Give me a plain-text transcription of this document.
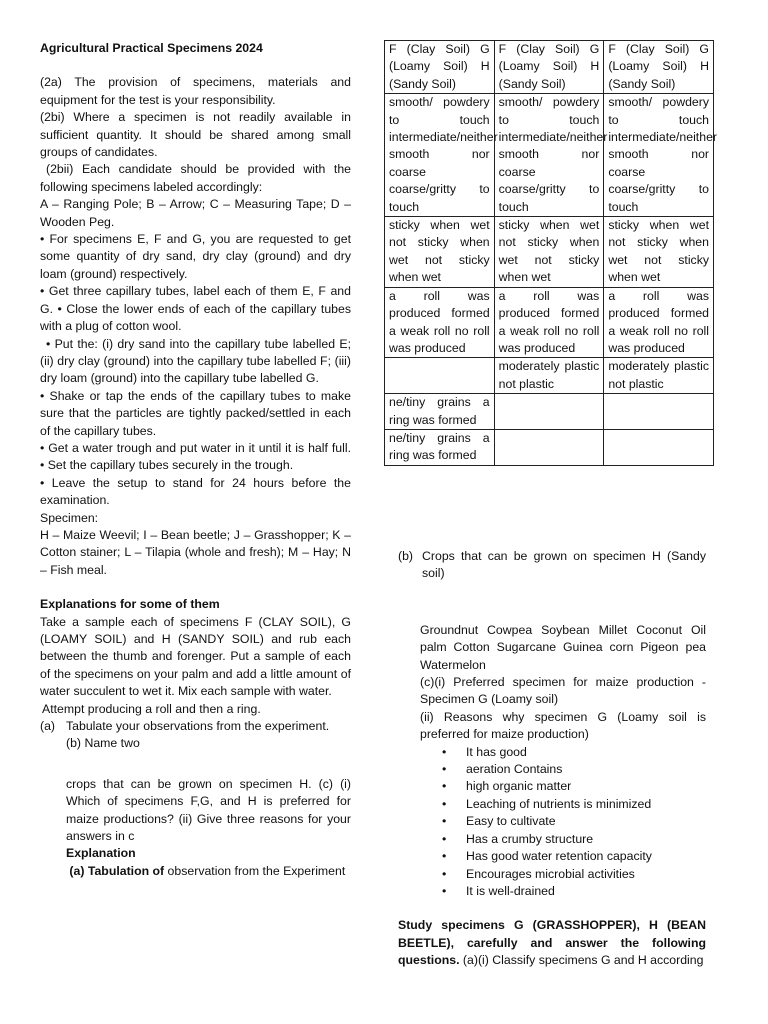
Agricultural Practical Specimens 2024

(2a) The provision of specimens, materials and equipment for the test is your responsibility.

(2bi) Where a specimen is not readily available in sufficient quantity. It should be shared among small groups of candidates.

(2bii) Each candidate should be provided with the following specimens labeled accordingly:

A – Ranging Pole; B – Arrow; C – Measuring Tape; D – Wooden Peg.

• For specimens E, F and G, you are requested to get some quantity of dry sand, dry clay (ground) and dry loam (ground) respectively.

• Get three capillary tubes, label each of them E, F and G. • Close the lower ends of each of the capillary tubes with a plug of cotton wool.

• Put the: (i) dry sand into the capillary tube labelled E; (ii) dry clay (ground) into the capillary tube labelled F; (iii) dry loam (ground) into the capillary tube labelled G.

• Shake or tap the ends of the capillary tubes to make sure that the particles are tightly packed/settled in each of the capillary tubes.

• Get a water trough and put water in it until it is half full. • Set the capillary tubes securely in the trough.

• Leave the setup to stand for 24 hours before the examination.

Specimen:

H – Maize Weevil; I – Bean beetle; J – Grasshopper; K – Cotton stainer; L – Tilapia (whole and fresh); M – Hay; N – Fish meal.

Explanations for some of them

Take a sample each of specimens F (CLAY SOIL), G (LOAMY SOIL) and H (SANDY SOIL) and rub each between the thumb and forenger. Put a sample of each of the specimens on your palm and add a little amount of water succulent to wet it. Mix each sample with water.

Attempt producing a roll and then a ring.

(a) Tabulate your observations from the experiment.

(b) Name two

crops that can be grown on specimen H. (c) (i) Which of specimens F,G, and H is preferred for maize productions? (ii) Give three reasons for your answers in c

Explanation

(a) Tabulation of observation from the Experiment

F (Clay Soil) G (Loamy Soil) H (Sandy Soil)	F (Clay Soil) G (Loamy Soil) H (Sandy Soil)	F (Clay Soil) G (Loamy Soil) H (Sandy Soil)
smooth/ powdery to touch intermediate/neither smooth nor coarse coarse/gritty to touch	smooth/ powdery to touch intermediate/neither smooth nor coarse coarse/gritty to touch	smooth/ powdery to touch intermediate/neither smooth nor coarse coarse/gritty to touch
sticky when wet not sticky when wet not sticky when wet	sticky when wet not sticky when wet not sticky when wet	sticky when wet not sticky when wet not sticky when wet
a roll was produced formed a weak roll no roll was produced	a roll was produced formed a weak roll no roll was produced	a roll was produced formed a weak roll no roll was produced
	moderately plastic not plastic	moderately plastic not plastic
ne/tiny grains a ring was formed		
ne/tiny grains a ring was formed		
(b) Crops that can be grown on specimen H (Sandy soil)

Groundnut Cowpea Soybean Millet Coconut Oil palm Cotton Sugarcane Guinea corn Pigeon pea Watermelon

(c)(i) Preferred specimen for maize production - Specimen G (Loamy soil)

(ii) Reasons why specimen G (Loamy soil is preferred for maize production)

•	It has good
•	aeration Contains
•	high organic matter
•	Leaching of nutrients is minimized
•	Easy to cultivate
•	Has a crumby structure
•	Has good water retention capacity
•	Encourages microbial activities
•	It is well-drained

Study specimens G (GRASSHOPPER), H (BEAN BEETLE), carefully and answer the following questions. (a)(i) Classify specimens G and H according
